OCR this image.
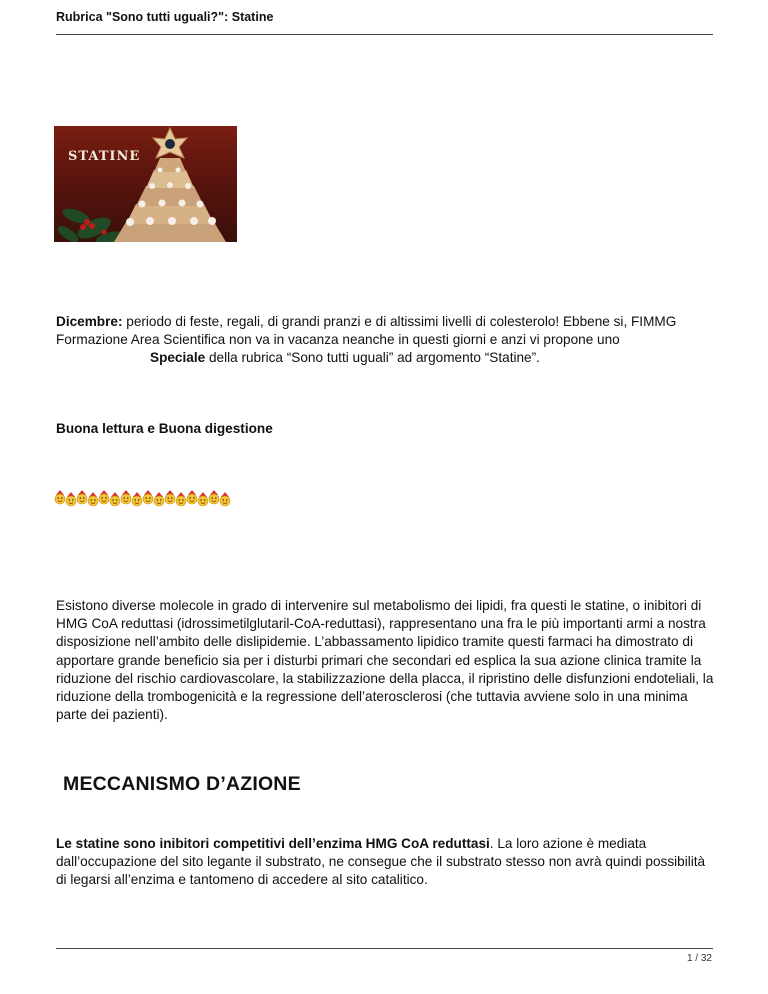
Rubrica "Sono tutti uguali?": Statine
STATINE
Dicembre: periodo di feste, regali, di grandi pranzi e di altissimi livelli di colesterolo! Ebbene si, FIMMG Formazione Area Scientifica non va in vacanza neanche in questi giorni e anzi vi propone uno Speciale della rubrica “Sono tutti uguali” ad argomento “Statine”.
Buona lettura e Buona digestione
Esistono diverse molecole in grado di intervenire sul metabolismo dei lipidi, fra questi le statine, o inibitori di HMG CoA reduttasi (idrossimetilglutaril-CoA-reduttasi), rappresentano una fra le più importanti armi a nostra disposizione nell’ambito delle dislipidemie. L’abbassamento lipidico tramite questi farmaci ha dimostrato di apportare grande beneficio sia per i disturbi primari che secondari ed esplica la sua azione clinica tramite la riduzione del rischio cardiovascolare, la stabilizzazione della placca, il ripristino delle disfunzioni endoteliali, la riduzione della trombogenicità e la regressione dell’aterosclerosi (che tuttavia avviene solo in una minima parte dei pazienti).
MECCANISMO D’AZIONE
Le statine sono inibitori competitivi dell’enzima HMG CoA reduttasi. La loro azione è mediata dall’occupazione del sito legante il substrato, ne consegue che il substrato stesso non avrà quindi possibilità di legarsi all’enzima e tantomeno di accedere al sito catalitico.
1 / 32
